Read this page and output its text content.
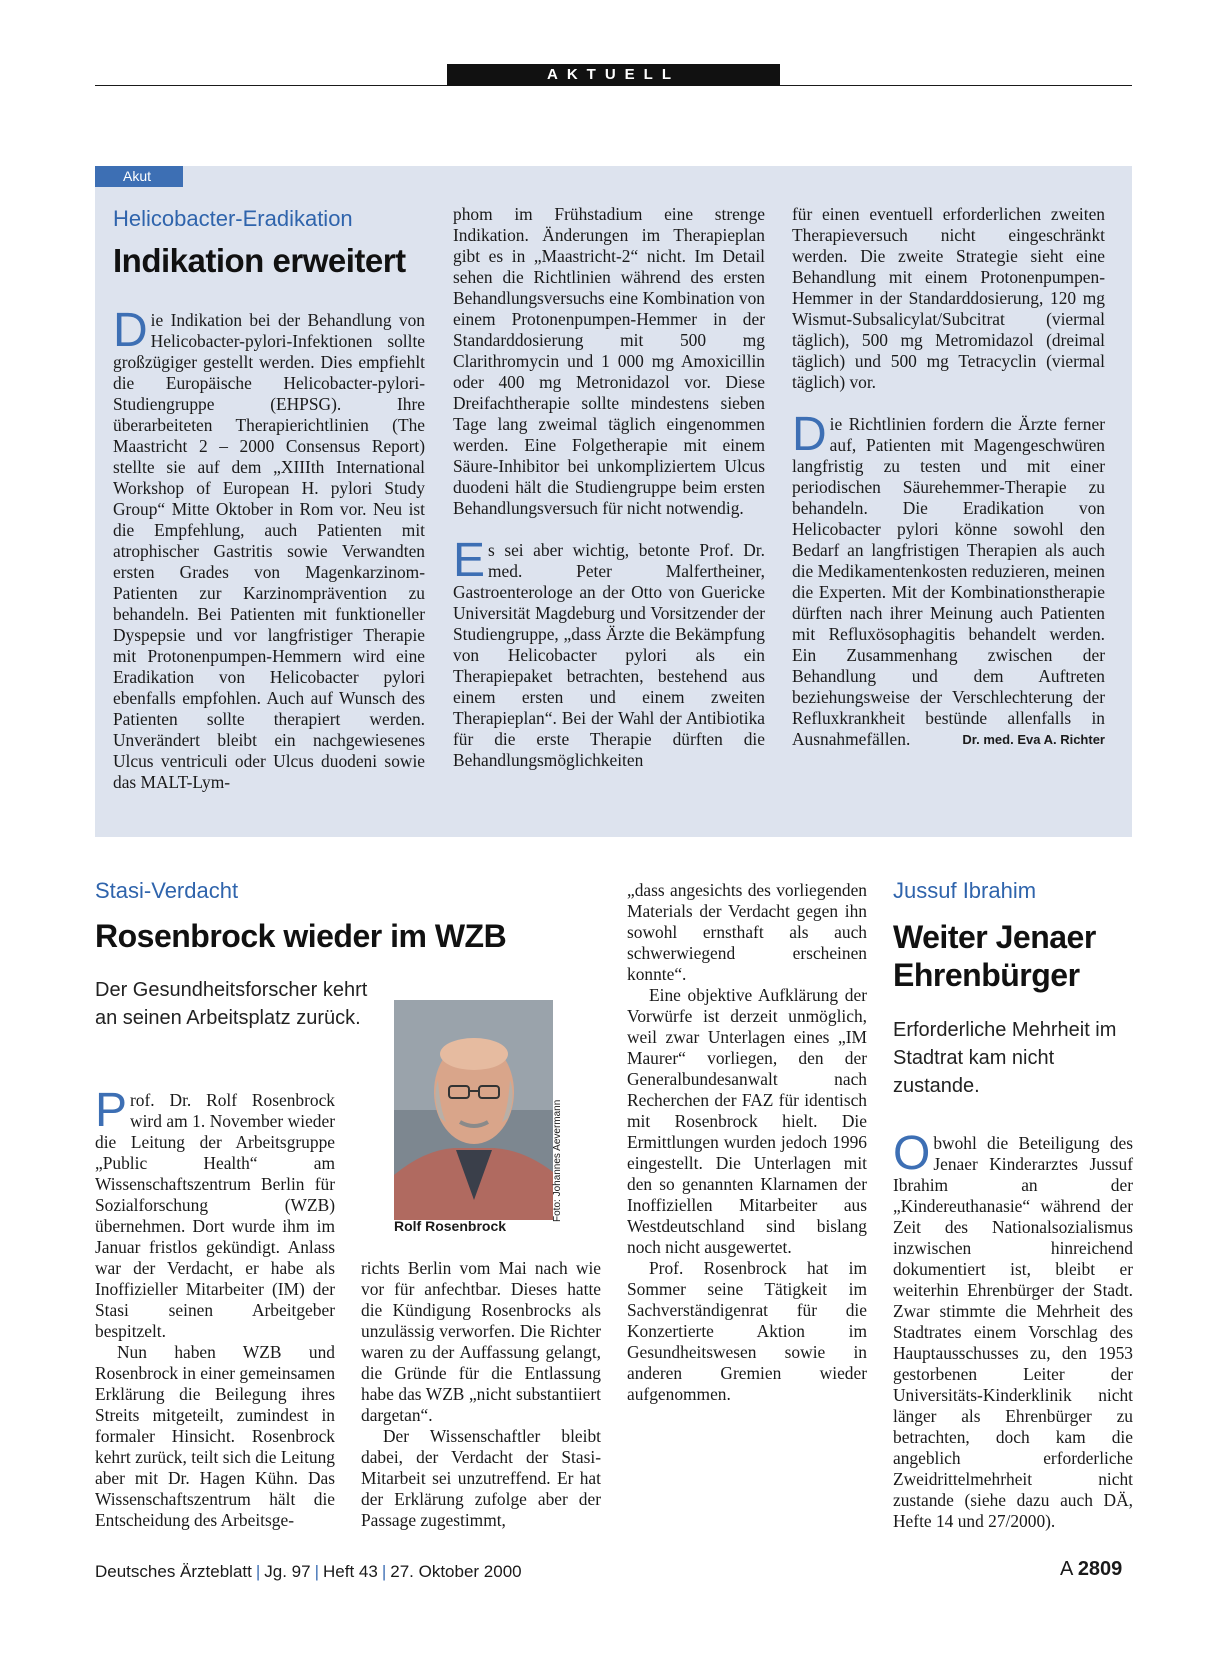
AKTUELL
Akut
Helicobacter-Eradikation
Indikation erweitert

Die Indikation bei der Behandlung von Helicobacter-pylori-Infektionen sollte großzügiger gestellt werden. Dies empfiehlt die Europäische Helicobacter-pylori-Studiengruppe (EHPSG). Ihre überarbeiteten Therapierichtlinien (The Maastricht 2 – 2000 Consensus Report) stellte sie auf dem „XIIIth International Workshop of European H. pylori Study Group“ Mitte Oktober in Rom vor. Neu ist die Empfehlung, auch Patienten mit atrophischer Gastritis sowie Verwandten ersten Grades von Magenkarzinom-Patienten zur Karzinomprävention zu behandeln. Bei Patienten mit funktioneller Dyspepsie und vor langfristiger Therapie mit Protonenpumpen-Hemmern wird eine Eradikation von Helicobacter pylori ebenfalls empfohlen. Auch auf Wunsch des Patienten sollte therapiert werden. Unverändert bleibt ein nachgewiesenes Ulcus ventriculi oder Ulcus duodeni sowie das MALT-Lym-

phom im Frühstadium eine strenge Indikation. Änderungen im Therapieplan gibt es in „Maastricht-2“ nicht. Im Detail sehen die Richtlinien während des ersten Behandlungsversuchs eine Kombination von einem Protonenpumpen-Hemmer in der Standarddosierung mit 500 mg Clarithromycin und 1 000 mg Amoxicillin oder 400 mg Metronidazol vor. Diese Dreifachtherapie sollte mindestens sieben Tage lang zweimal täglich eingenommen werden. Eine Folgetherapie mit einem Säure-Inhibitor bei unkompliziertem Ulcus duodeni hält die Studiengruppe beim ersten Behandlungsversuch für nicht notwendig.

Es sei aber wichtig, betonte Prof. Dr. med. Peter Malfertheiner, Gastroenterologe an der Otto von Guericke Universität Magdeburg und Vorsitzender der Studiengruppe, „dass Ärzte die Bekämpfung von Helicobacter pylori als ein Therapiepaket betrachten, bestehend aus einem ersten und einem zweiten Therapieplan“. Bei der Wahl der Antibiotika für die erste Therapie dürften die Behandlungsmöglichkeiten

für einen eventuell erforderlichen zweiten Therapieversuch nicht eingeschränkt werden. Die zweite Strategie sieht eine Behandlung mit einem Protonenpumpen-Hemmer in der Standarddosierung, 120 mg Wismut-Subsalicylat/Subcitrat (viermal täglich), 500 mg Metromidazol (dreimal täglich) und 500 mg Tetracyclin (viermal täglich) vor.

Die Richtlinien fordern die Ärzte ferner auf, Patienten mit Magengeschwüren langfristig zu testen und mit einer periodischen Säurehemmer-Therapie zu behandeln. Die Eradikation von Helicobacter pylori könne sowohl den Bedarf an langfristigen Therapien als auch die Medikamentenkosten reduzieren, meinen die Experten. Mit der Kombinationstherapie dürften nach ihrer Meinung auch Patienten mit Refluxösophagitis behandelt werden. Ein Zusammenhang zwischen der Behandlung und dem Auftreten beziehungsweise der Verschlechterung der Refluxkrankheit bestünde allenfalls in Ausnahmefällen.	Dr. med. Eva A. Richter

Stasi-Verdacht
Rosenbrock wieder im WZB
Der Gesundheitsforscher kehrt an seinen Arbeitsplatz zurück.
Foto: Johannes Aevermann
Rolf Rosenbrock

Prof. Dr. Rolf Rosenbrock wird am 1. November wieder die Leitung der Arbeitsgruppe „Public Health“ am Wissenschaftszentrum Berlin für Sozialforschung (WZB) übernehmen. Dort wurde ihm im Januar fristlos gekündigt. Anlass war der Verdacht, er habe als Inoffizieller Mitarbeiter (IM) der Stasi seinen Arbeitgeber bespitzelt.

Nun haben WZB und Rosenbrock in einer gemeinsamen Erklärung die Beilegung ihres Streits mitgeteilt, zumindest in formaler Hinsicht. Rosenbrock kehrt zurück, teilt sich die Leitung aber mit Dr. Hagen Kühn. Das Wissenschaftszentrum hält die Entscheidung des Arbeitsge-

richts Berlin vom Mai nach wie vor für anfechtbar. Dieses hatte die Kündigung Rosenbrocks als unzulässig verworfen. Die Richter waren zu der Auffassung gelangt, die Gründe für die Entlassung habe das WZB „nicht substantiiert dargetan“.

Der Wissenschaftler bleibt dabei, der Verdacht der Stasi-Mitarbeit sei unzutreffend. Er hat der Erklärung zufolge aber der Passage zugestimmt,

„dass angesichts des vorliegenden Materials der Verdacht gegen ihn sowohl ernsthaft als auch schwerwiegend erscheinen konnte“.

Eine objektive Aufklärung der Vorwürfe ist derzeit unmöglich, weil zwar Unterlagen eines „IM Maurer“ vorliegen, den der Generalbundesanwalt nach Recherchen der FAZ für identisch mit Rosenbrock hielt. Die Ermittlungen wurden jedoch 1996 eingestellt. Die Unterlagen mit den so genannten Klarnamen der Inoffiziellen Mitarbeiter aus Westdeutschland sind bislang noch nicht ausgewertet.

Prof. Rosenbrock hat im Sommer seine Tätigkeit im Sachverständigenrat für die Konzertierte Aktion im Gesundheitswesen sowie in anderen Gremien wieder aufgenommen.

Jussuf Ibrahim
Weiter Jenaer Ehrenbürger
Erforderliche Mehrheit im Stadtrat kam nicht zustande.

Obwohl die Beteiligung des Jenaer Kinderarztes Jussuf Ibrahim an der „Kindereuthanasie“ während der Zeit des Nationalsozialismus inzwischen hinreichend dokumentiert ist, bleibt er weiterhin Ehrenbürger der Stadt. Zwar stimmte die Mehrheit des Stadtrates einem Vorschlag des Hauptausschusses zu, den 1953 gestorbenen Leiter der Universitäts-Kinderklinik nicht länger als Ehrenbürger zu betrachten, doch kam die angeblich erforderliche Zweidrittelmehrheit nicht zustande (siehe dazu auch DÄ, Hefte 14 und 27/2000).

Deutsches Ärzteblatt | Jg. 97 | Heft 43 | 27. Oktober 2000	A 2809
